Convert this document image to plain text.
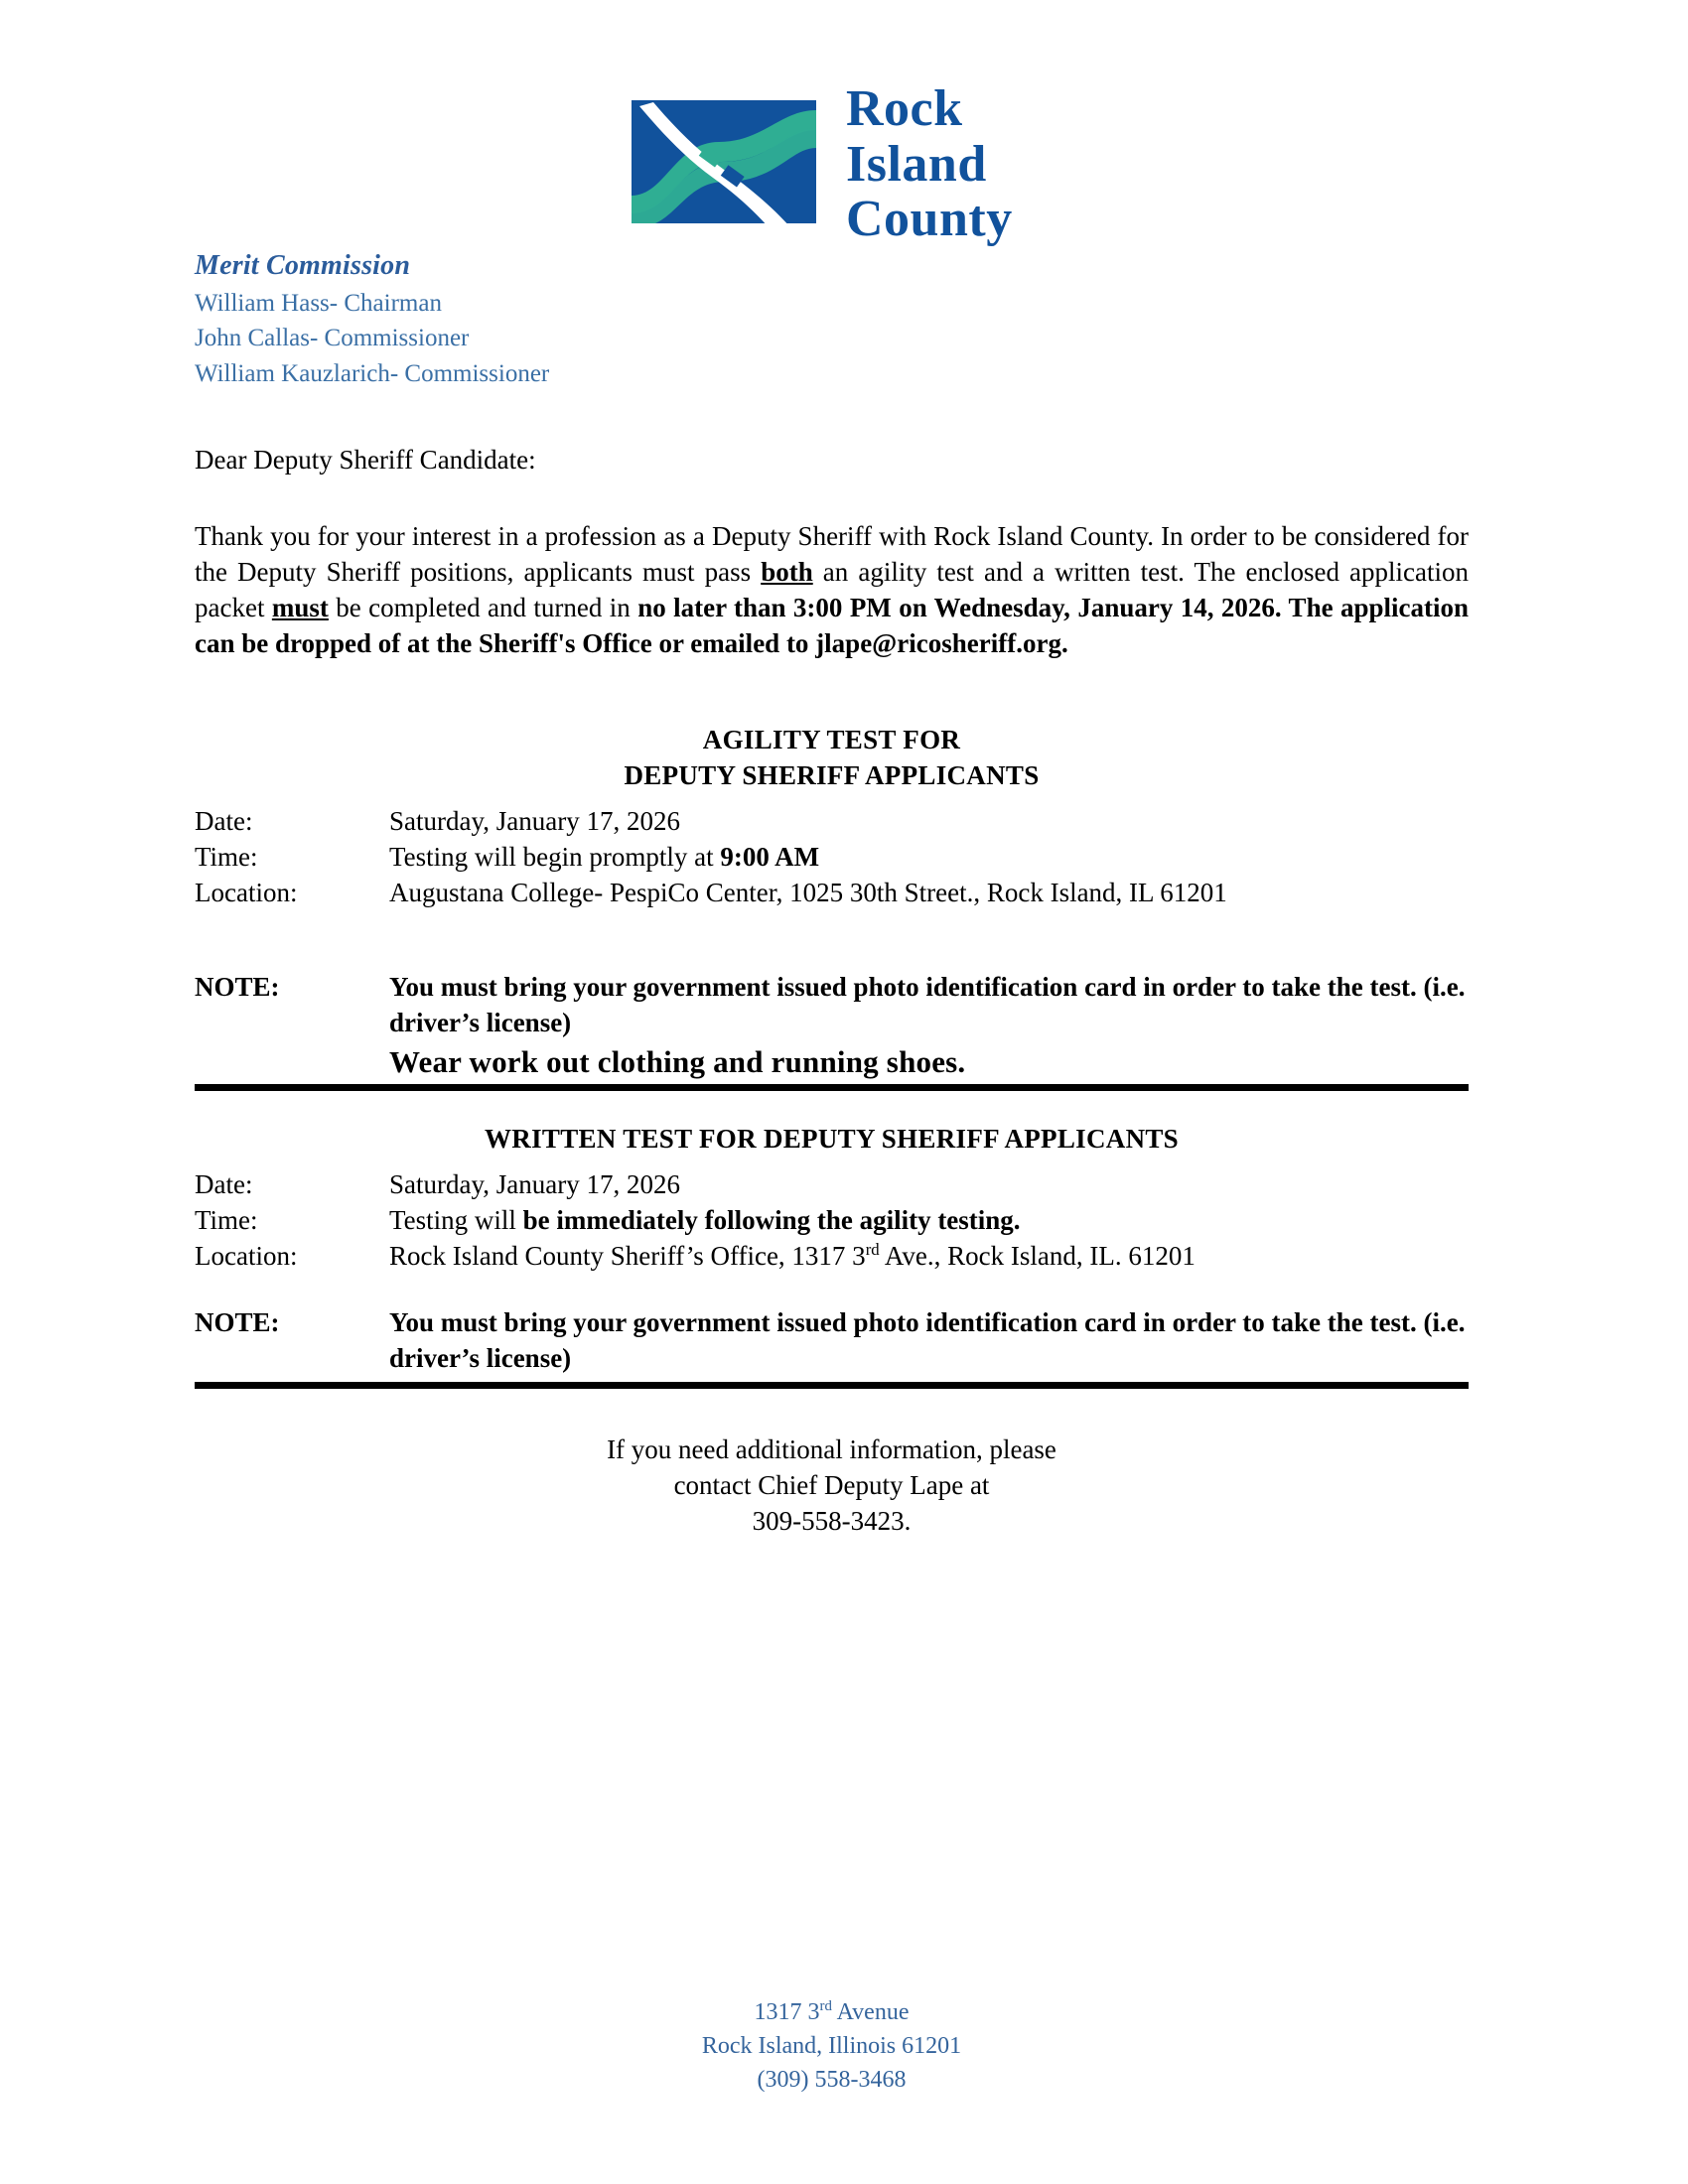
Rock
Island
County
Merit Commission
William Hass- Chairman
John Callas- Commissioner
William Kauzlarich- Commissioner
Dear Deputy Sheriff Candidate:
Thank you for your interest in a profession as a Deputy Sheriff with Rock Island County. In order to be considered for the Deputy Sheriff positions, applicants must pass both an agility test and a written test. The enclosed application packet must be completed and turned in no later than 3:00 PM on Wednesday, January 14, 2026. The application can be dropped of at the Sheriff's Office or emailed to jlape@ricosheriff.org.
AGILITY TEST FOR
DEPUTY SHERIFF APPLICANTS
Date:	Saturday, January 17, 2026
Time:	Testing will begin promptly at 9:00 AM
Location:	Augustana College- PespiCo Center, 1025 30th Street., Rock Island, IL 61201
NOTE:	You must bring your government issued photo identification card in order to take the test. (i.e. driver’s license)
Wear work out clothing and running shoes.
WRITTEN TEST FOR DEPUTY SHERIFF APPLICANTS
Date:	Saturday, January 17, 2026
Time:	Testing will be immediately following the agility testing.
Location:	Rock Island County Sheriff’s Office, 1317 3rd Ave., Rock Island, IL. 61201
NOTE:	You must bring your government issued photo identification card in order to take the test. (i.e. driver’s license)
If you need additional information, please
contact Chief Deputy Lape at
309-558-3423.
1317 3rd Avenue
Rock Island, Illinois 61201
(309) 558-3468
